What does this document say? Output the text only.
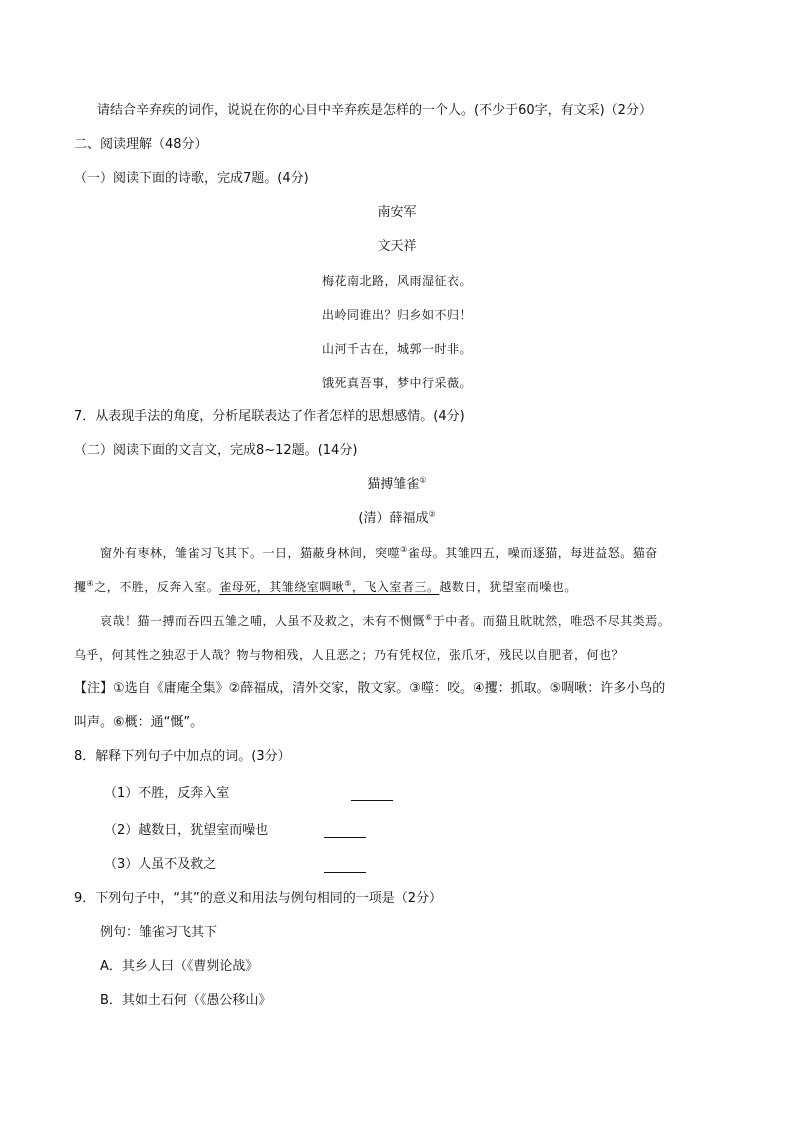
请结合辛弃疾的词作，说说在你的心目中辛弃疾是怎样的一个人。(不少于60字，有文采)（2分）
二、阅读理解（48分）
（一）阅读下面的诗歌，完成7题。(4分)
南安军
文天祥
梅花南北路，风雨湿征衣。
出岭同谁出？归乡如不归！
山河千古在，城郭一时非。
饿死真吾事，梦中行采薇。
7．从表现手法的角度，分析尾联表达了作者怎样的思想感情。(4分)
（二）阅读下面的文言文，完成8~12题。(14分)
猫搏雏雀①
(清）薛福成②
窗外有枣林，雏雀习飞其下。一日，猫蔽身林间，突噬③雀母。其雏四五，噪而逐猫，每进益怒。猫奋
攫④之，不胜，反奔入室。雀母死，其雏绕室啁啾⑤，飞入室者三。越数日，犹望室而噪也。
哀哉！猫一搏而吞四五雏之哺，人虽不及救之，未有不恻慨⑥于中者。而猫且眈眈然，唯恐不尽其类焉。
乌乎，何其性之独忍于人哉？物与物相残，人且恶之；乃有凭权位，张爪牙，残民以自肥者，何也？
【注】①选自《庸庵全集》②薛福成，清外交家，散文家。③噬：咬。④攫：抓取。⑤啁啾：许多小鸟的
叫声。⑥概：通“慨”。
8．解释下列句子中加点的词。(3分）
（1）不胜，反奔入室
（2）越数日，犹望室而噪也
（3）人虽不及救之
9．下列句子中，“其”的意义和用法与例句相同的一项是（2分）
例句：雏雀习飞其下
A．其乡人曰（《曹刿论战》
B．其如土石何（《愚公移山》
